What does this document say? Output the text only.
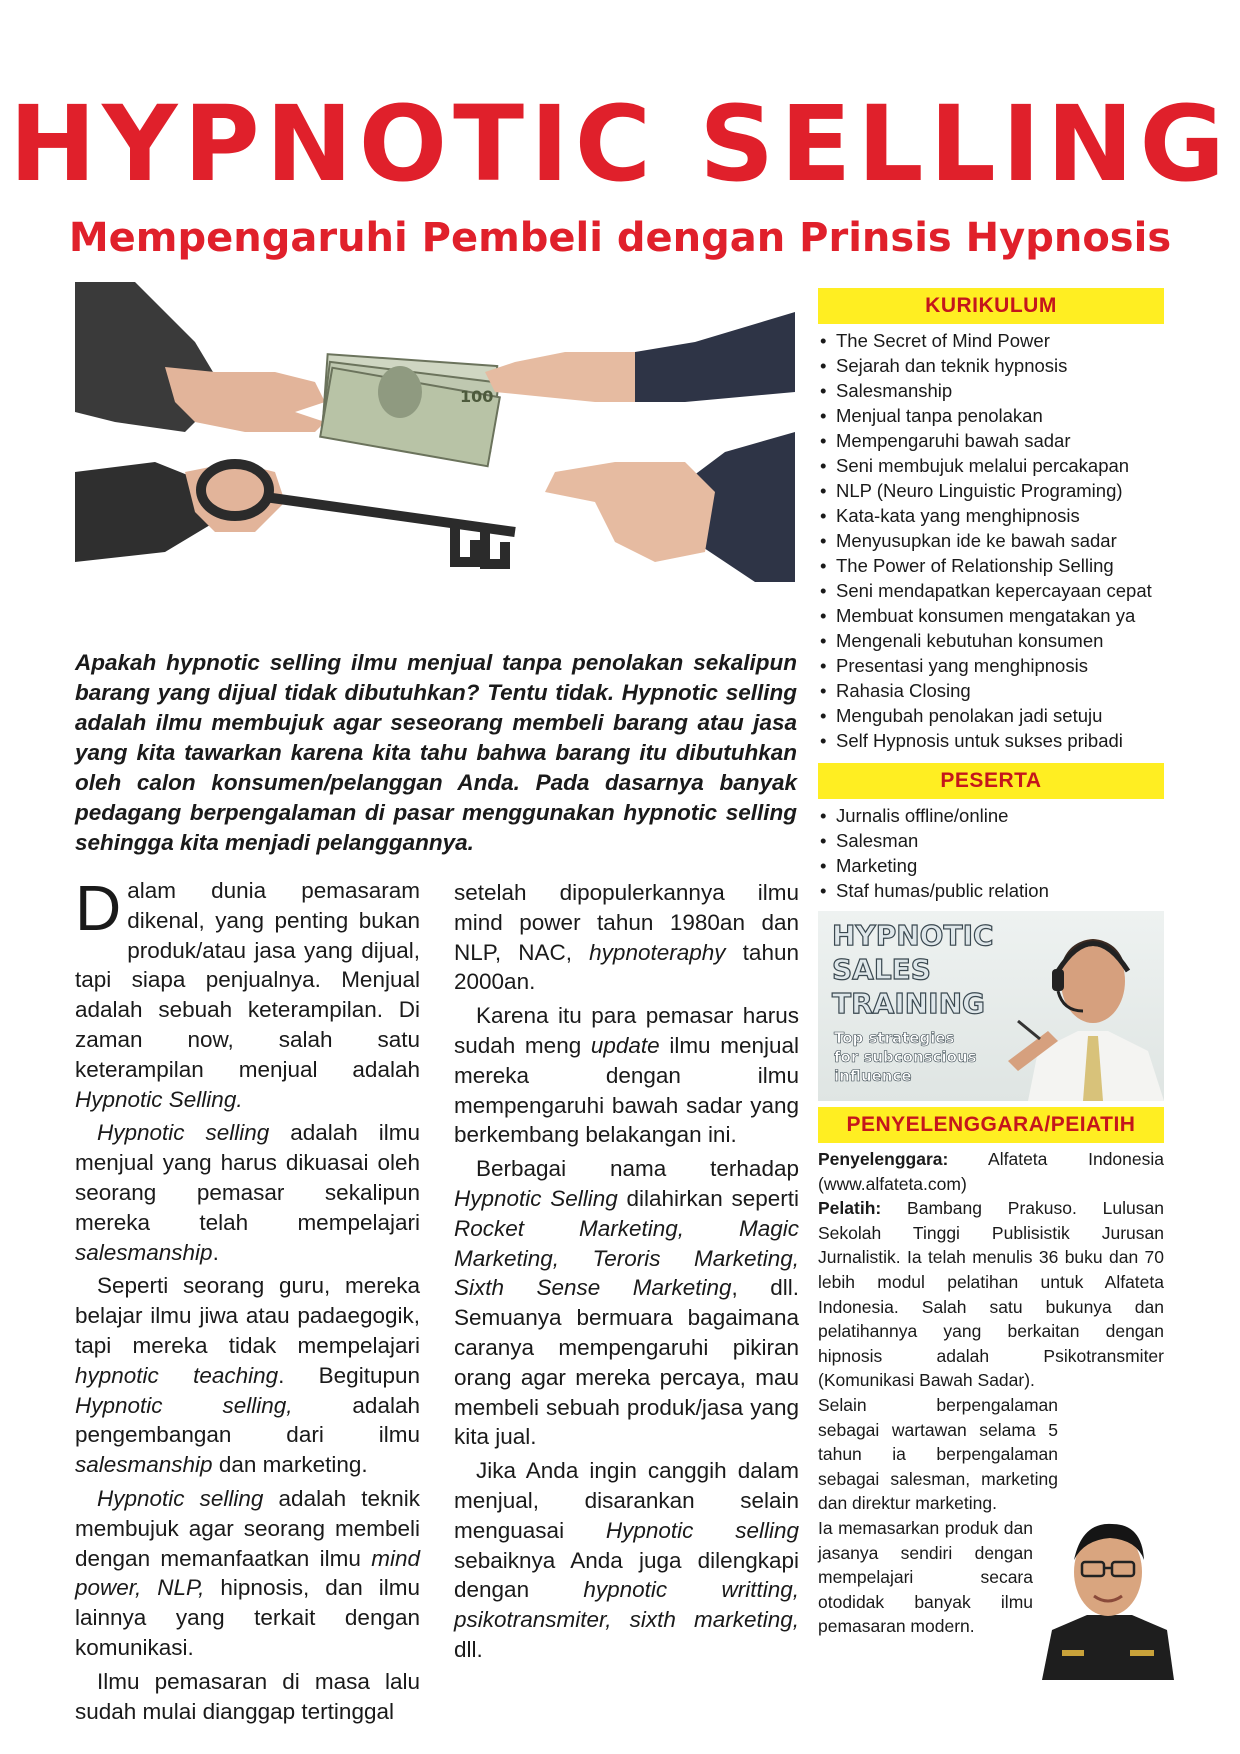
HYPNOTIC SELLING
Mempengaruhi Pembeli dengan Prinsis Hypnosis
100

Apakah hypnotic selling ilmu menjual tanpa penolakan sekalipun barang yang dijual tidak dibutuhkan? Tentu tidak. Hypnotic selling adalah ilmu membujuk agar seseorang membeli barang atau jasa yang kita tawarkan karena kita tahu bahwa barang itu dibutuhkan oleh calon konsumen/pelanggan Anda. Pada dasarnya banyak pedagang berpengalaman di pasar menggunakan hypnotic selling sehingga kita menjadi pelanggannya.

Dalam dunia pemasaram dikenal, yang penting bukan produk/atau jasa yang dijual, tapi siapa penjualnya. Menjual adalah sebuah keterampilan. Di zaman now, salah satu keterampilan menjual adalah Hypnotic Selling.

Hypnotic selling adalah ilmu menjual yang harus dikuasai oleh seorang pemasar sekalipun mereka telah mempelajari salesmanship.

Seperti seorang guru, mereka belajar ilmu jiwa atau padaegogik, tapi mereka tidak mempelajari hypnotic teaching. Begitupun Hypnotic selling, adalah pengembangan dari ilmu salesmanship dan marketing.

Hypnotic selling adalah teknik membujuk agar seorang membeli dengan memanfaatkan ilmu mind power, NLP, hipnosis, dan ilmu lainnya yang terkait dengan komunikasi.

Ilmu pemasaran di masa lalu sudah mulai dianggap tertinggal

setelah dipopulerkannya ilmu mind power tahun 1980an dan NLP, NAC, hypnoteraphy tahun 2000an.

Karena itu para pemasar harus sudah meng update ilmu menjual mereka dengan ilmu mempengaruhi bawah sadar yang berkembang belakangan ini.

Berbagai nama terhadap Hypnotic Selling dilahirkan seperti Rocket Marketing, Magic Marketing, Teroris Marketing, Sixth Sense Marketing, dll. Semuanya bermuara bagaimana caranya mempengaruhi pikiran orang agar mereka percaya, mau membeli sebuah produk/jasa yang kita jual.

Jika Anda ingin canggih dalam menjual, disarankan selain menguasai Hypnotic selling sebaiknya Anda juga dilengkapi dengan hypnotic writting, psikotransmiter, sixth marketing, dll.

KURIKULUM
• The Secret of Mind Power
• Sejarah dan teknik hypnosis
• Salesmanship
• Menjual tanpa penolakan
• Mempengaruhi bawah sadar
• Seni membujuk melalui percakapan
• NLP (Neuro Linguistic Programing)
• Kata-kata yang menghipnosis
• Menyusupkan ide ke bawah sadar
• The Power of Relationship Selling
• Seni mendapatkan kepercayaan cepat
• Membuat konsumen mengatakan ya
• Mengenali kebutuhan konsumen
• Presentasi yang menghipnosis
• Rahasia Closing
• Mengubah penolakan jadi setuju
• Self Hypnosis untuk sukses pribadi
PESERTA
• Jurnalis offline/online
• Salesman
• Marketing
• Staf humas/public relation
HYPNOTIC
SALES
TRAINING
Top strategies
for subconscious
influence
PENYELENGGARA/PEIATIH

Penyelenggara: Alfateta Indonesia (www.alfateta.com)

Pelatih: Bambang Prakuso. Lulusan Sekolah Tinggi Publisistik Jurusan Jurnalistik. Ia telah menulis 36 buku dan 70 lebih modul pelatihan untuk Alfateta Indonesia. Salah satu bukunya dan pelatihannya yang berkaitan dengan hipnosis adalah Psikotransmiter (Komunikasi Bawah Sadar).

Selain berpengalaman sebagai wartawan selama 5 tahun ia berpengalaman sebagai salesman, marketing dan direktur marketing.

Ia memasarkan produk dan jasanya sendiri dengan mempelajari secara otodidak banyak ilmu pemasaran modern.
